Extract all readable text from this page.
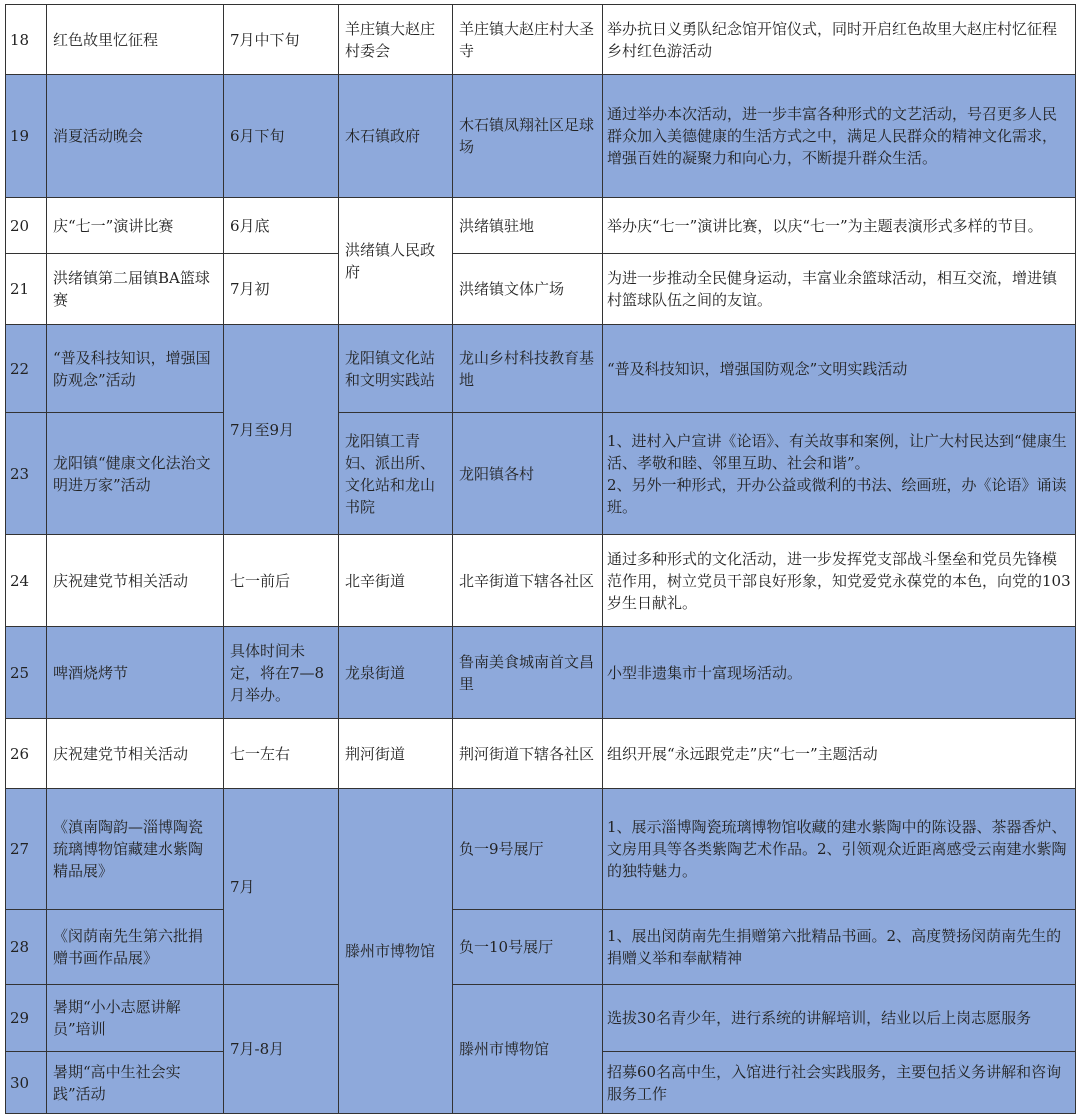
18	红色故里忆征程	7月中下旬	羊庄镇大赵庄村委会	羊庄镇大赵庄村大圣寺	举办抗日义勇队纪念馆开馆仪式，同时开启红色故里大赵庄村忆征程乡村红色游活动
19	消夏活动晚会	6月下旬	木石镇政府	木石镇凤翔社区足球场	通过举办本次活动，进一步丰富各种形式的文艺活动，号召更多人民群众加入美德健康的生活方式之中，满足人民群众的精神文化需求，增强百姓的凝聚力和向心力，不断提升群众生活。
20	庆“七一”演讲比赛	6月底	洪绪镇人民政府	洪绪镇驻地	举办庆“七一”演讲比赛，以庆“七一”为主题表演形式多样的节目。
21	洪绪镇第二届镇BA篮球赛	7月初		洪绪镇文体广场	为进一步推动全民健身运动，丰富业余篮球活动，相互交流，增进镇村篮球队伍之间的友谊。
22	“普及科技知识，增强国防观念”活动	7月至9月	龙阳镇文化站和文明实践站	龙山乡村科技教育基地	“普及科技知识，增强国防观念”文明实践活动
23	龙阳镇“健康文化法治文明进万家”活动		龙阳镇工青妇、派出所、文化站和龙山书院	龙阳镇各村	1、进村入户宣讲《论语》、有关故事和案例，让广大村民达到“健康生活、孝敬和睦、邻里互助、社会和谐”。
2、另外一种形式，开办公益或微利的书法、绘画班，办《论语》诵读班。

24	庆祝建党节相关活动	七一前后	北辛街道	北辛街道下辖各社区	通过多种形式的文化活动，进一步发挥党支部战斗堡垒和党员先锋模范作用，树立党员干部良好形象，知党爱党永葆党的本色，向党的103岁生日献礼。
25	啤酒烧烤节	具体时间未定，将在7—8月举办。	龙泉街道	鲁南美食城南首文昌里	小型非遗集市十富现场活动。
26	庆祝建党节相关活动	七一左右	荆河街道	荆河街道下辖各社区	组织开展“永远跟党走”庆“七一”主题活动
27	《滇南陶韵—淄博陶瓷琉璃博物馆藏建水紫陶精品展》	7月	滕州市博物馆	负一9号展厅	1、展示淄博陶瓷琉璃博物馆收藏的建水紫陶中的陈设器、茶器香炉、文房用具等各类紫陶艺术作品。2、引领观众近距离感受云南建水紫陶的独特魅力。
28	《闵荫南先生第六批捐赠书画作品展》			负一10号展厅	1、展出闵荫南先生捐赠第六批精品书画。2、高度赞扬闵荫南先生的捐赠义举和奉献精神
29	暑期“小小志愿讲解员”培训	7月-8月		滕州市博物馆	选拔30名青少年，进行系统的讲解培训，结业以后上岗志愿服务
30	暑期“高中生社会实践”活动				招募60名高中生，入馆进行社会实践服务，主要包括义务讲解和咨询服务工作
